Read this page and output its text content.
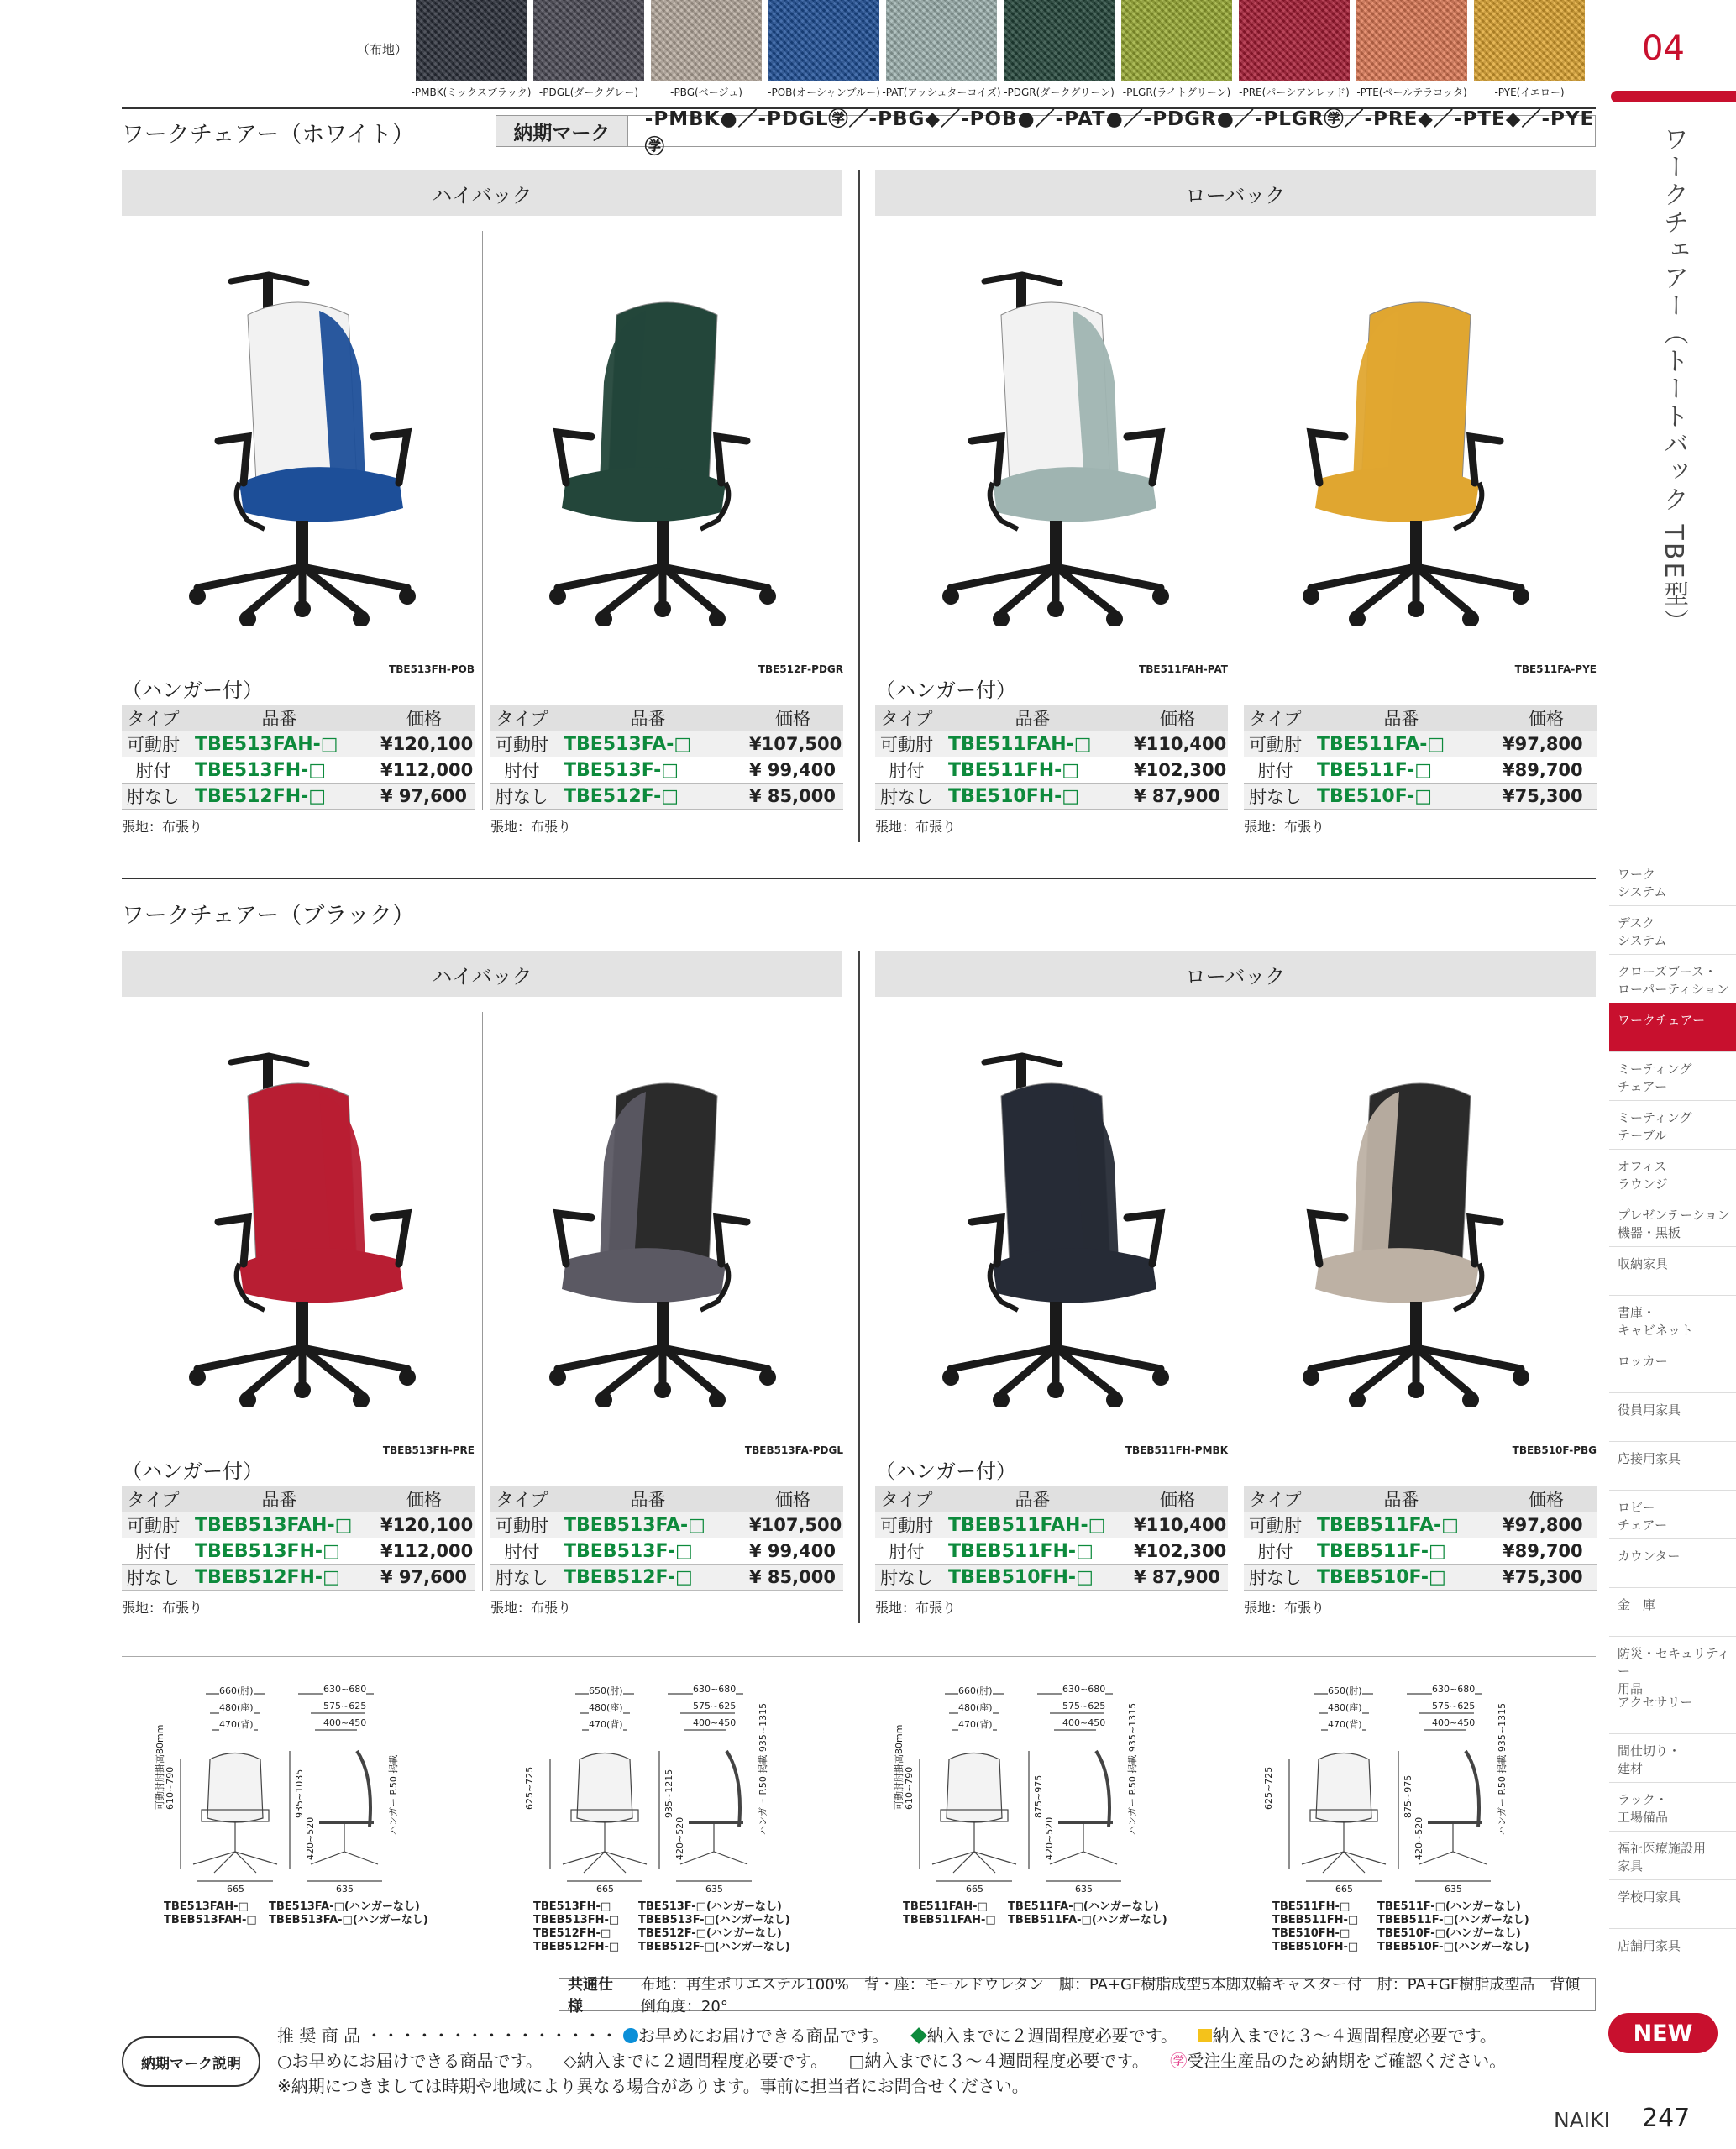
（布地）
-PMBK(ミックスブラック) -PDGL(ダークグレー)	-PBG(ベージュ)	-POB(オーシャンブルー) -PAT(アッシュターコイズ) -PDGR(ダークグリーン) -PLGR(ライトグリーン) -PRE(パーシアンレッド) -PTE(ペールテラコッタ)	-PYE(イエロー)
04
ワークチェアー（トートバック TBE型）
ワーク
システム
デスク
システム
クローズブース・
ローパーティション
ワークチェアー
ミーティング
チェアー
ミーティング
テーブル
オフィス
ラウンジ
プレゼンテーション
機器・黒板
収納家具
書庫・
キャビネット
ロッカー
役員用家具
応接用家具
ロビー
チェアー
カウンター
金　庫
防災・セキュリティー
用品
アクセサリー
間仕切り・
建材
ラック・
工場備品
福祉医療施設用
家具
学校用家具
店舗用家具
ワークチェアー（ホワイト）	納期マーク
-PMBK●／-PDGL㊫／-PBG◆／-POB●／-PAT●／-PDGR●／-PLGR㊫／-PRE◆／-PTE◆／-PYE㊫
ハイバック	ローバック
ワークチェアー（ブラック）
ハイバック	ローバック
TBE513FH-POB
（ハンガー付）
タイプ	品番	価格
可動肘	TBE513FAH-□	¥120,100
肘付	TBE513FH-□	¥112,000
肘なし	TBE512FH-□	¥ 97,600
張地：布張り
TBE512F-PDGR
タイプ	品番	価格
可動肘	TBE513FA-□	¥107,500
肘付	TBE513F-□	¥ 99,400
肘なし	TBE512F-□	¥ 85,000
張地：布張り
TBE511FAH-PAT
（ハンガー付）
タイプ	品番	価格
可動肘	TBE511FAH-□	¥110,400
肘付	TBE511FH-□	¥102,300
肘なし	TBE510FH-□	¥ 87,900
張地：布張り
TBE511FA-PYE
タイプ	品番	価格
可動肘	TBE511FA-□	¥97,800
肘付	TBE511F-□	¥89,700
肘なし	TBE510F-□	¥75,300
張地：布張り
TBEB513FH-PRE
（ハンガー付）
タイプ	品番	価格
可動肘	TBEB513FAH-□	¥120,100
肘付	TBEB513FH-□	¥112,000
肘なし	TBEB512FH-□	¥ 97,600
張地：布張り
TBEB513FA-PDGL
タイプ	品番	価格
可動肘	TBEB513FA-□	¥107,500
肘付	TBEB513F-□	¥ 99,400
肘なし	TBEB512F-□	¥ 85,000
張地：布張り
TBEB511FH-PMBK
（ハンガー付）
タイプ	品番	価格
可動肘	TBEB511FAH-□	¥110,400
肘付	TBEB511FH-□	¥102,300
肘なし	TBEB510FH-□	¥ 87,900
張地：布張り
TBEB510F-PBG
タイプ	品番	価格
可動肘	TBEB511FA-□	¥97,800
肘付	TBEB511F-□	¥89,700
肘なし	TBEB510F-□	¥75,300
張地：布張り
660(肘)
480(座)
470(背)
630~680
575~625
400~450
可動肘肘掛高80mm
610~790	935~1035
420~520
ハンガー P.50 掲載
665	635
TBE513FAH-□
TBEB513FAH-□
TBE513FA-□(ハンガーなし)
TBEB513FA-□(ハンガーなし)
650(肘)
480(座)
470(背)
630~680
575~625
400~450
625~725	935~1215
420~520
ハンガー P.50 掲載 935~1315
665	635
TBE513FH-□
TBEB513FH-□
TBE512FH-□
TBEB512FH-□
TBE513F-□(ハンガーなし)
TBEB513F-□(ハンガーなし)
TBE512F-□(ハンガーなし)
TBEB512F-□(ハンガーなし)
660(肘)
480(座)
470(背)
630~680
575~625
400~450
可動肘肘掛高80mm
610~790	875~975
420~520
ハンガー P.50 掲載 935~1315
665	635
TBE511FAH-□
TBEB511FAH-□
TBE511FA-□(ハンガーなし)
TBEB511FA-□(ハンガーなし)
650(肘)
480(座)
470(背)
630~680
575~625
400~450
625~725	875~975
420~520
ハンガー P.50 掲載 935~1315
665	635
TBE511FH-□
TBEB511FH-□
TBE510FH-□
TBEB510FH-□
TBE511F-□(ハンガーなし)
TBEB511F-□(ハンガーなし)
TBE510F-□(ハンガーなし)
TBEB510F-□(ハンガーなし)
共通仕様
布地：再生ポリエステル100%　背・座：モールドウレタン　脚：PA+GF樹脂成型5本脚双輪キャスター付　肘：PA+GF樹脂成型品　背傾倒角度：20°
納期マーク説明
推 奨 商 品 ・・・・・・・・・・・・・・・ お早めにお届けできる商品です。 納入までに２週間程度必要です。 納入までに３～４週間程度必要です。
○お早めにお届けできる商品です。 ◇納入までに２週間程度必要です。 □納入までに３～４週間程度必要です。 ㊫受注生産品のため納期をご確認ください。
※納期につきましては時期や地域により異なる場合があります。事前に担当者にお問合せください。
NEW
NAIKI 247
